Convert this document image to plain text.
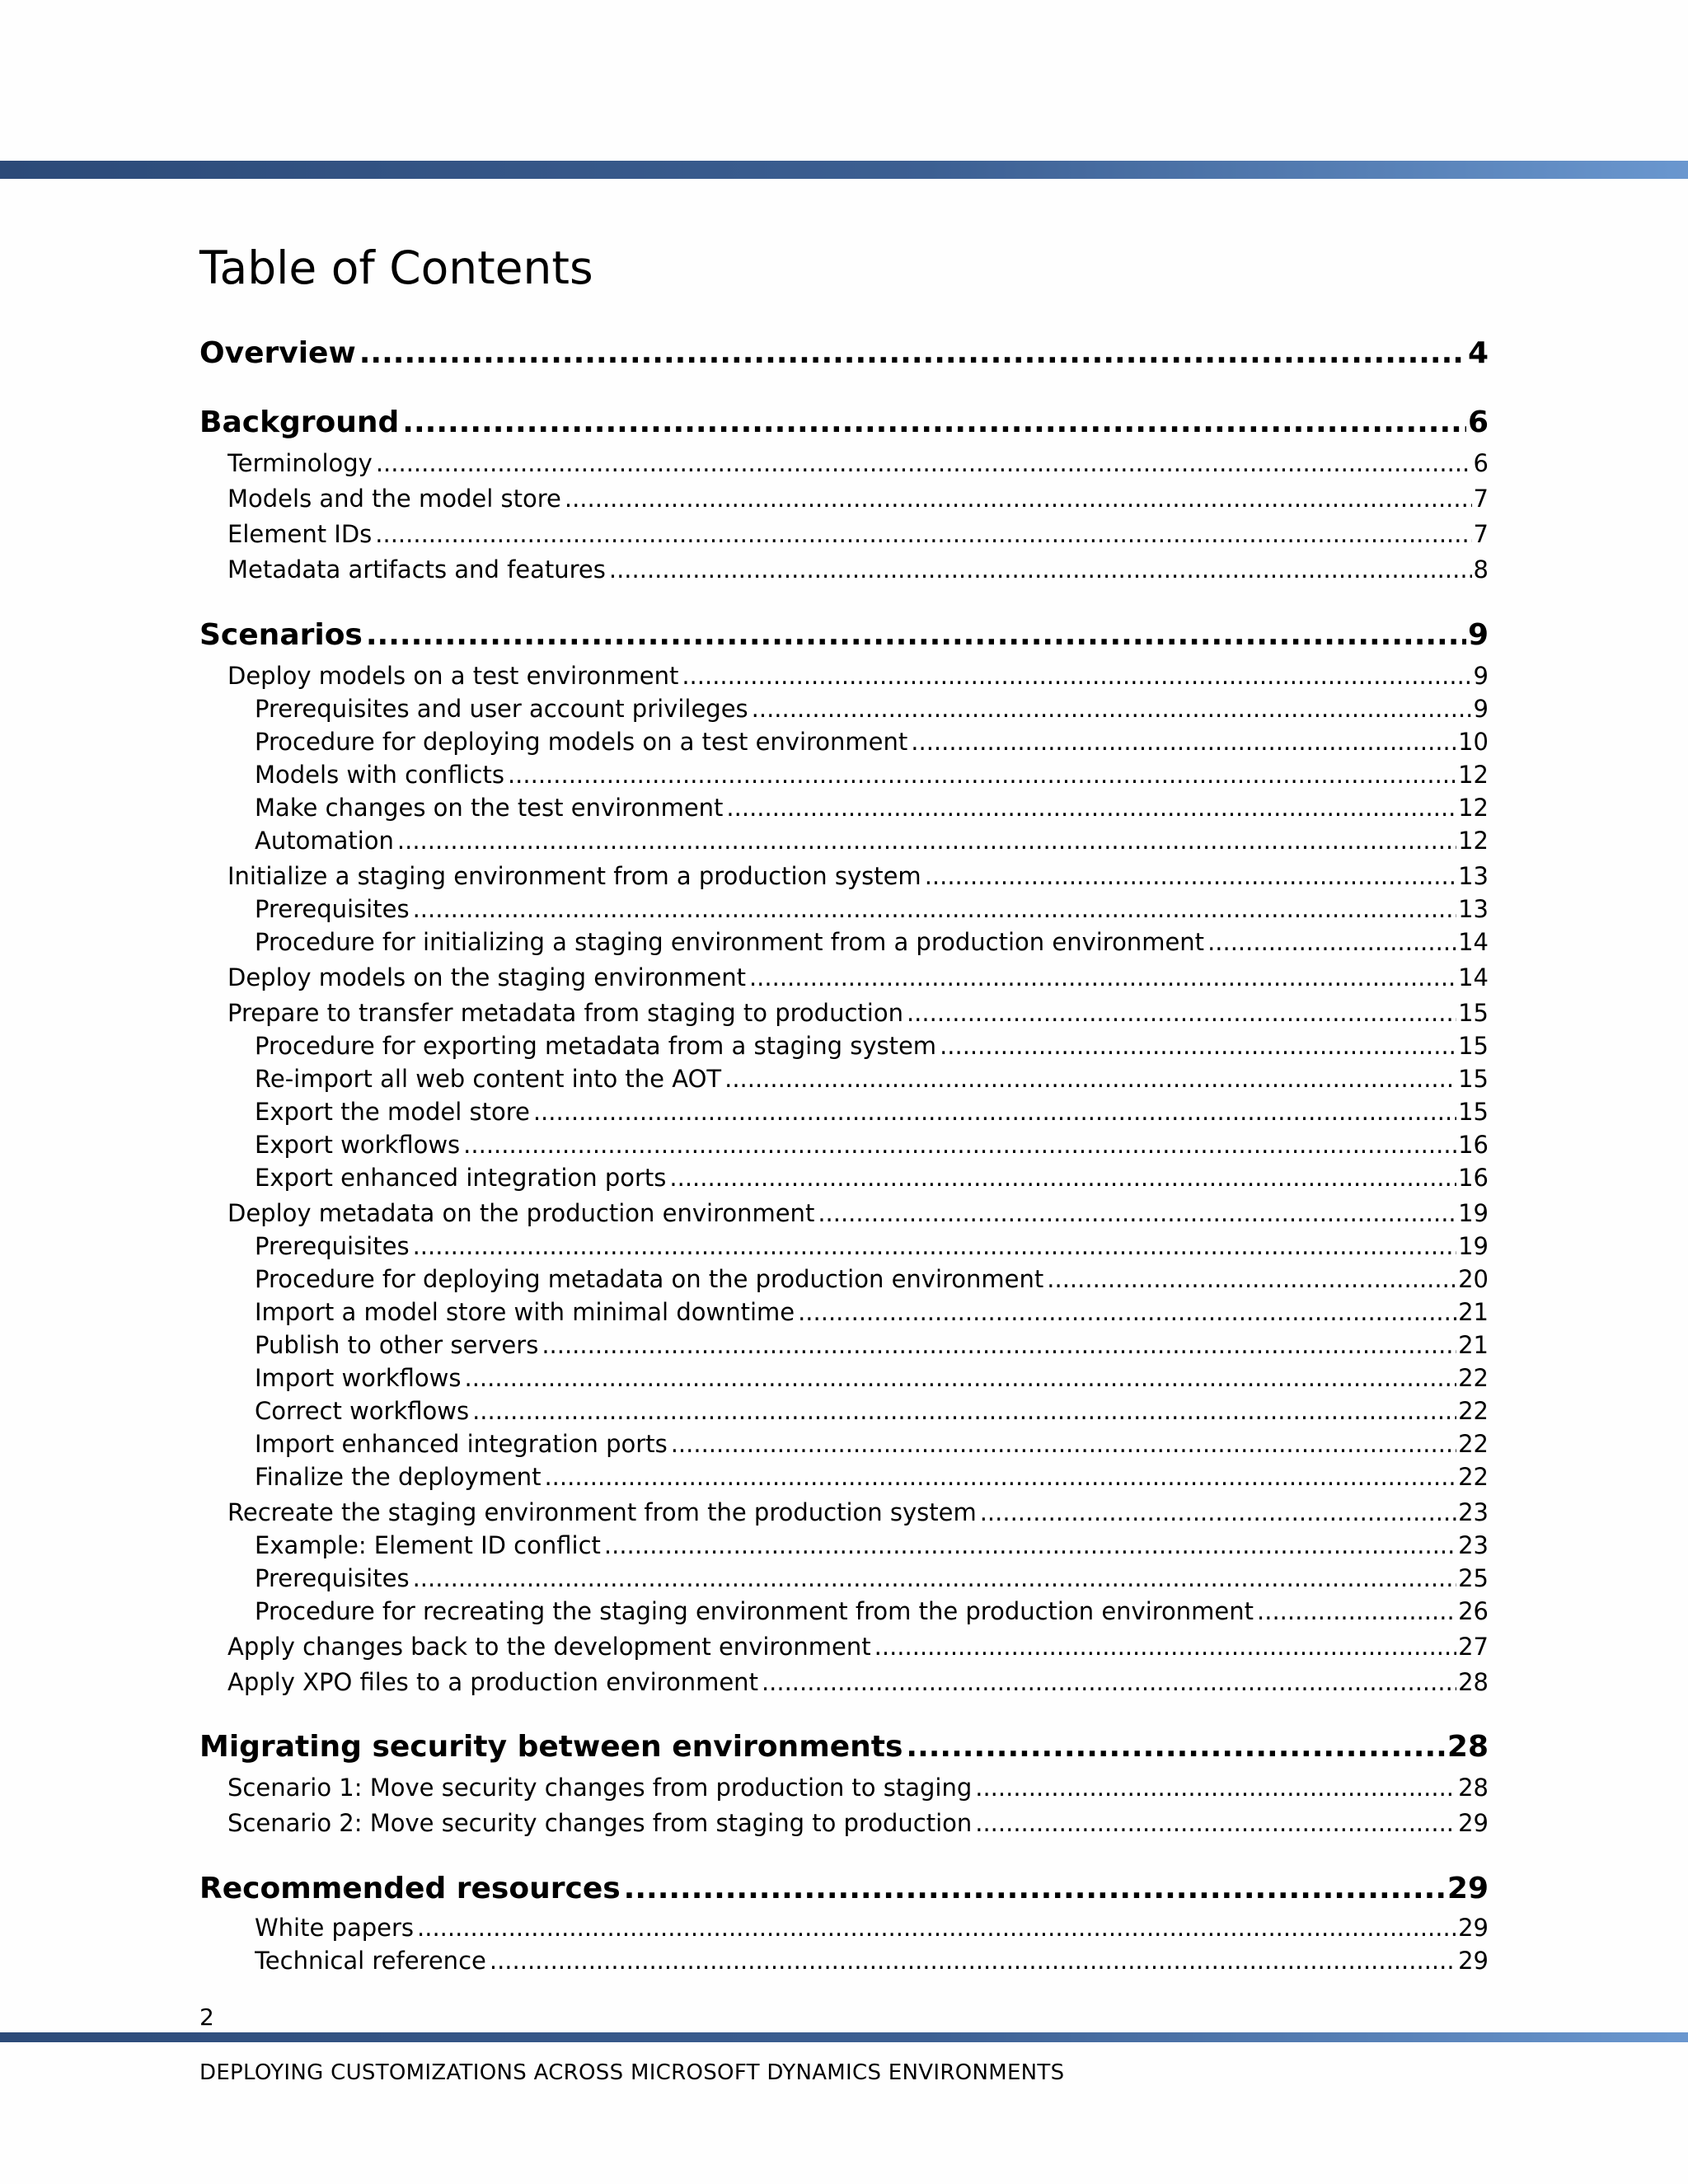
Table of Contents
Overview .....	4
Background .....	6
Terminology .....	6
Models and the model store .....	7
Element IDs .....	7
Metadata artifacts and features .....	8
Scenarios .....	9
Deploy models on a test environment .....	9
Prerequisites and user account privileges .....	9
Procedure for deploying models on a test environment .....	10
Models with conflicts .....	12
Make changes on the test environment .....	12
Automation .....	12
Initialize a staging environment from a production system .....	13
Prerequisites .....	13
Procedure for initializing a staging environment from a production environment .....	14
Deploy models on the staging environment .....	14
Prepare to transfer metadata from staging to production .....	15
Procedure for exporting metadata from a staging system .....	15
Re-import all web content into the AOT .....	15
Export the model store .....	15
Export workflows .....	16
Export enhanced integration ports .....	16
Deploy metadata on the production environment .....	19
Prerequisites .....	19
Procedure for deploying metadata on the production environment .....	20
Import a model store with minimal downtime .....	21
Publish to other servers .....	21
Import workflows .....	22
Correct workflows .....	22
Import enhanced integration ports .....	22
Finalize the deployment .....	22
Recreate the staging environment from the production system .....	23
Example: Element ID conflict .....	23
Prerequisites .....	25
Procedure for recreating the staging environment from the production environment .....	26
Apply changes back to the development environment .....	27
Apply XPO files to a production environment .....	28
Migrating security between environments .....	28
Scenario 1: Move security changes from production to staging .....	28
Scenario 2: Move security changes from staging to production .....	29
Recommended resources .....	29
White papers .....	29
Technical reference .....	29
2
DEPLOYING CUSTOMIZATIONS ACROSS MICROSOFT DYNAMICS ENVIRONMENTS
